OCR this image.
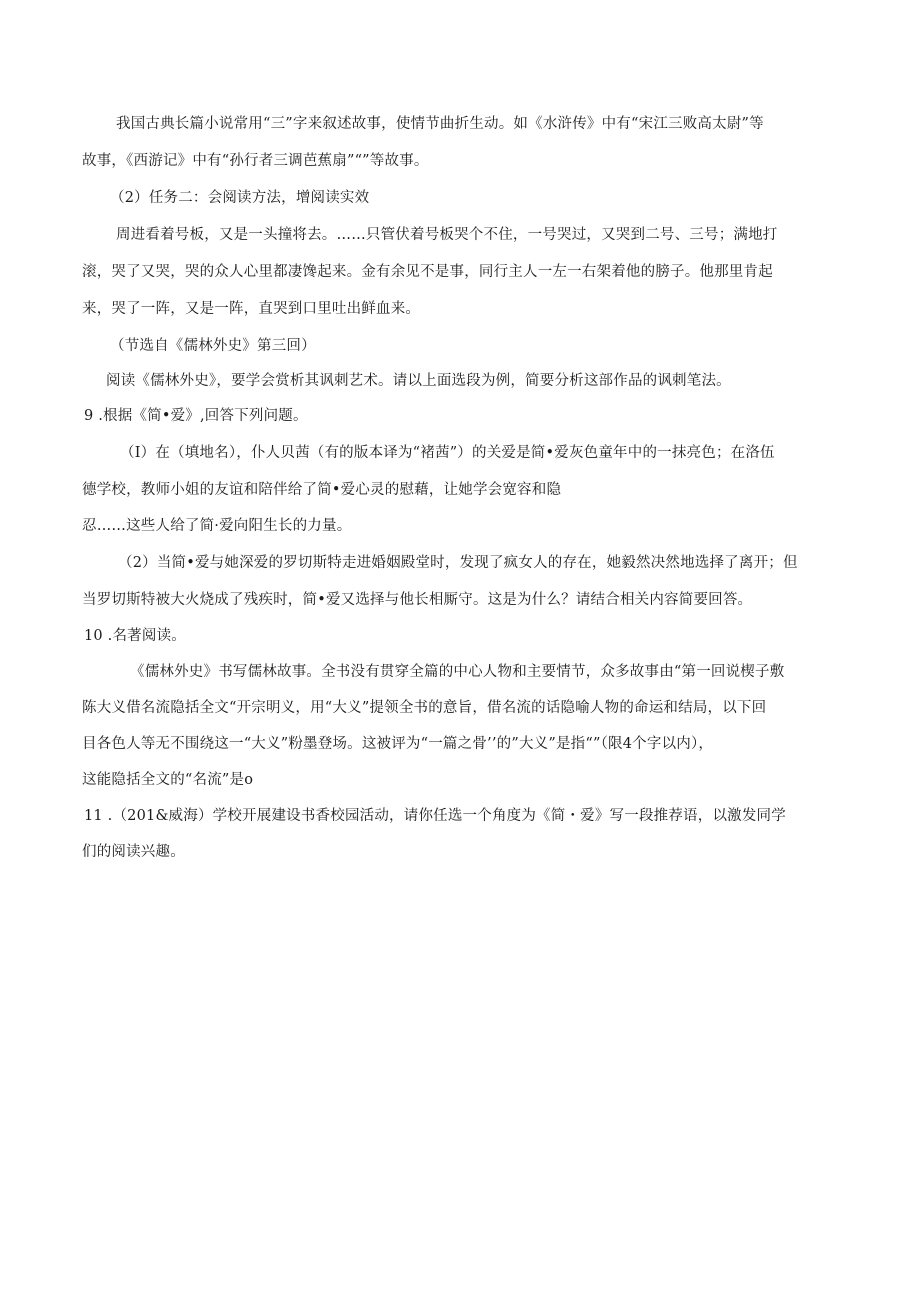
我国古典长篇小说常用“三”字来叙述故事，使情节曲折生动。如《水浒传》中有“宋江三败高太尉”等
故事，《西游记》中有“孙行者三调芭蕉扇”“”等故事。
（2）任务二：会阅读方法，增阅读实效
周进看着号板，又是一头撞将去。……只管伏着号板哭个不住，一号哭过，又哭到二号、三号；满地打
滚，哭了又哭，哭的众人心里都凄馋起来。金有余见不是事，同行主人一左一右架着他的膀子。他那里肯起
来，哭了一阵，又是一阵，直哭到口里吐出鲜血来。
（节选自《儒林外史》第三回）
阅读《儒林外史》，要学会赏析其讽刺艺术。请以上面选段为例，简要分析这部作品的讽刺笔法。
9 .根据《简•爱》,回答下列问题。
（I）在（填地名），仆人贝茜（有的版本译为“褚茜”）的关爱是简•爱灰色童年中的一抹亮色；在洛伍
德学校，教师小姐的友谊和陪伴给了简•爱心灵的慰藉，让她学会宽容和隐
忍……这些人给了简·爱向阳生长的力量。
（2）当简•爱与她深爱的罗切斯特走进婚姻殿堂时，发现了疯女人的存在，她毅然决然地选择了离开；但
当罗切斯特被大火烧成了残疾时，简•爱又选择与他长相厮守。这是为什么？请结合相关内容简要回答。
10 .名著阅读。
《儒林外史》书写儒林故事。全书没有贯穿全篇的中心人物和主要情节，众多故事由“第一回说楔子敷
陈大义借名流隐括全文“开宗明义，用“大义”提领全书的意旨，借名流的话隐喻人物的命运和结局，以下回
目各色人等无不围绕这一“大义”粉墨登场。这被评为“一篇之骨’’的”大义”是指“”（限4个字以内），
这能隐括全文的“名流”是o
11 .（201&威海）学校开展建设书香校园活动，请你任选一个角度为《简・爱》写一段推荐语，以激发同学
们的阅读兴趣。
